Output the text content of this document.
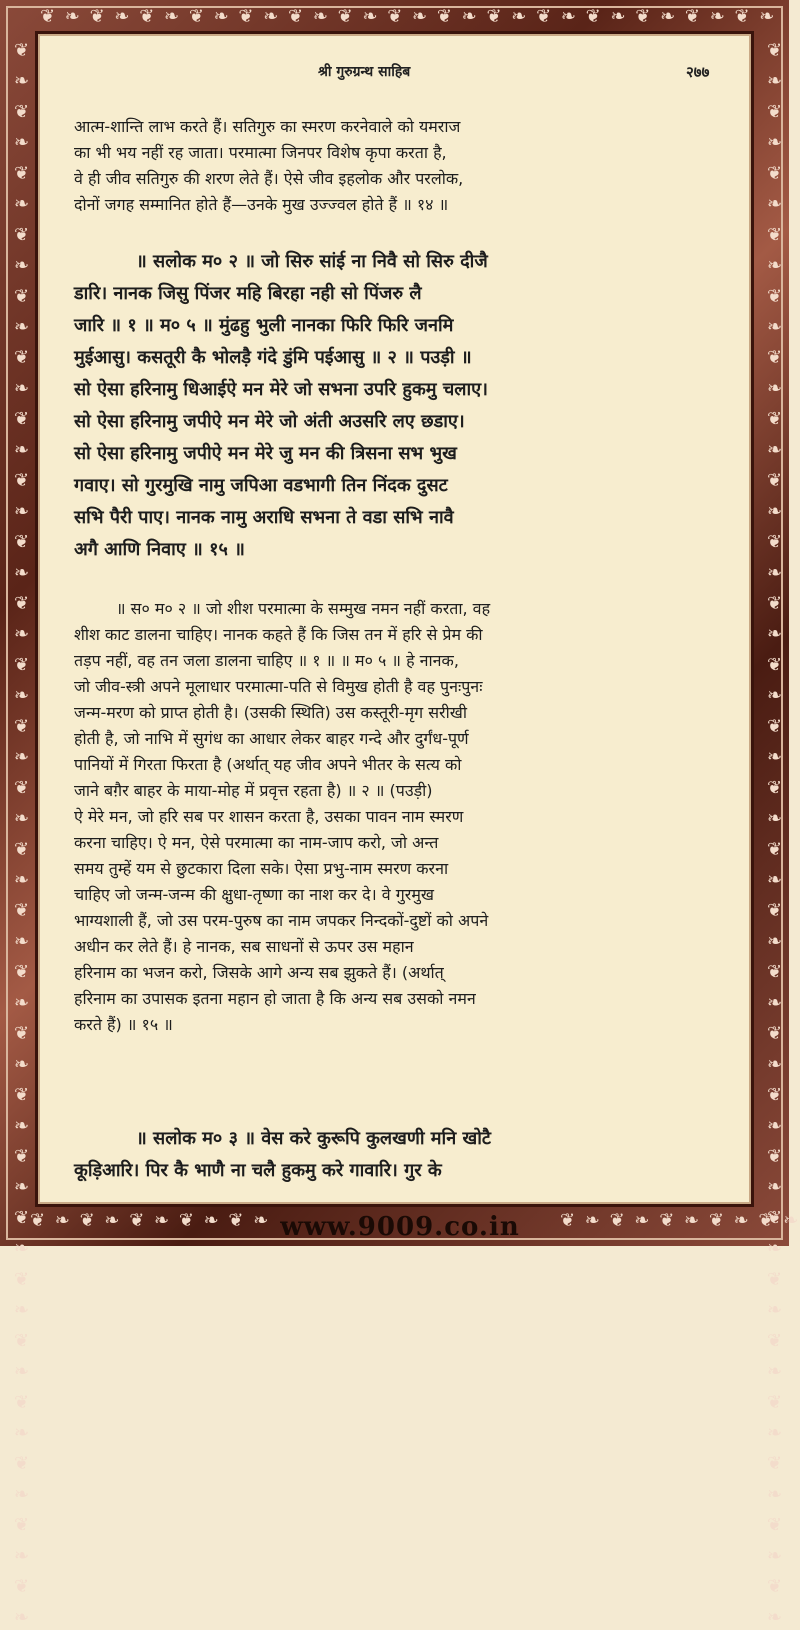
❦ ❧ ❦ ❧ ❦ ❧ ❦ ❧ ❦ ❧ ❦ ❧ ❦ ❧ ❦ ❧ ❦ ❧ ❦ ❧ ❦ ❧ ❦ ❧ ❦ ❧ ❦ ❧ ❦ ❧
❦ ❧ ❦ ❧ ❦ ❧ ❦ ❧ ❦ ❧ ❦ ❧ ❦ ❧ ❦ ❧ ❦ ❧ ❦ ❧ ❦ ❧ ❦ ❧ ❦ ❧ ❦ ❧ ❦ ❧ ❦ ❧ ❦ ❧ ❦ ❧ ❦ ❧ ❦ ❧ ❦ ❧ ❦ ❧ ❦ ❧ ❦ ❧ ❦ ❧ ❦ ❧	❦ ❧ ❦ ❧ ❦ ❧ ❦ ❧ ❦ ❧ ❦ ❧ ❦ ❧ ❦ ❧ ❦ ❧ ❦ ❧ ❦ ❧ ❦ ❧ ❦ ❧ ❦ ❧ ❦ ❧ ❦ ❧ ❦ ❧ ❦ ❧ ❦ ❧ ❦ ❧ ❦ ❧ ❦ ❧ ❦ ❧ ❦ ❧ ❦ ❧ ❦ ❧
❦ ❧ ❦ ❧ ❦ ❧ ❦ ❧ ❦ ❧	❦ ❧ ❦ ❧ ❦ ❧ ❦ ❧ ❦ ❧
www.9009.co.in
श्री गुरुग्रन्थ साहिब	२७७
आत्म-शान्ति लाभ करते हैं। सतिगुरु का स्मरण करनेवाले को यमराज
का भी भय नहीं रह जाता। परमात्मा जिनपर विशेष कृपा करता है,
वे ही जीव सतिगुरु की शरण लेते हैं। ऐसे जीव इहलोक और परलोक,
दोनों जगह सम्मानित होते हैं—उनके मुख उज्ज्वल होते हैं ॥ १४ ॥
॥ सलोक म० २ ॥ जो सिरु सांई ना निवै सो सिरु दीजै
डारि। नानक जिसु पिंजर महि बिरहा नही सो पिंजरु लै
जारि ॥ १ ॥ म० ५ ॥ मुंढहु भुली नानका फिरि फिरि जनमि
मुईआसु। कसतूरी कै भोलड़ै गंदे डुंमि पईआसु ॥ २ ॥ पउड़ी ॥
सो ऐसा हरिनामु धिआईऐ मन मेरे जो सभना उपरि हुकमु चलाए।
सो ऐसा हरिनामु जपीऐ मन मेरे जो अंती अउसरि लए छडाए।
सो ऐसा हरिनामु जपीऐ मन मेरे जु मन की त्रिसना सभ भुख
गवाए। सो गुरमुखि नामु जपिआ वडभागी तिन निंदक दुसट
सभि पैरी पाए। नानक नामु अराधि सभना ते वडा सभि नावै
अगै आणि निवाए ॥ १५ ॥
॥ स० म० २ ॥ जो शीश परमात्मा के सम्मुख नमन नहीं करता, वह
शीश काट डालना चाहिए। नानक कहते हैं कि जिस तन में हरि से प्रेम की
तड़प नहीं, वह तन जला डालना चाहिए ॥ १ ॥ ॥ म० ५ ॥ हे नानक,
जो जीव-स्त्री अपने मूलाधार परमात्मा-पति से विमुख होती है वह पुनःपुनः
जन्म-मरण को प्राप्त होती है। (उसकी स्थिति) उस कस्तूरी-मृग सरीखी
होती है, जो नाभि में सुगंध का आधार लेकर बाहर गन्दे और दुर्गंध-पूर्ण
पानियों में गिरता फिरता है (अर्थात् यह जीव अपने भीतर के सत्य को
जाने बग़ैर बाहर के माया-मोह में प्रवृत्त रहता है) ॥ २ ॥ (पउड़ी)
ऐ मेरे मन, जो हरि सब पर शासन करता है, उसका पावन नाम स्मरण
करना चाहिए। ऐ मन, ऐसे परमात्मा का नाम-जाप करो, जो अन्त
समय तुम्हें यम से छुटकारा दिला सके। ऐसा प्रभु-नाम स्मरण करना
चाहिए जो जन्म-जन्म की क्षुधा-तृष्णा का नाश कर दे। वे गुरमुख
भाग्यशाली हैं, जो उस परम-पुरुष का नाम जपकर निन्दकों-दुष्टों को अपने
अधीन कर लेते हैं। हे नानक, सब साधनों से ऊपर उस महान
हरिनाम का भजन करो, जिसके आगे अन्य सब झुकते हैं। (अर्थात्
हरिनाम का उपासक इतना महान हो जाता है कि अन्य सब उसको नमन
करते हैं) ॥ १५ ॥
॥ सलोक म० ३ ॥ वेस करे कुरूपि कुलखणी मनि खोटै
कूड़िआरि। पिर कै भाणै ना चलै हुकमु करे गावारि। गुर के
